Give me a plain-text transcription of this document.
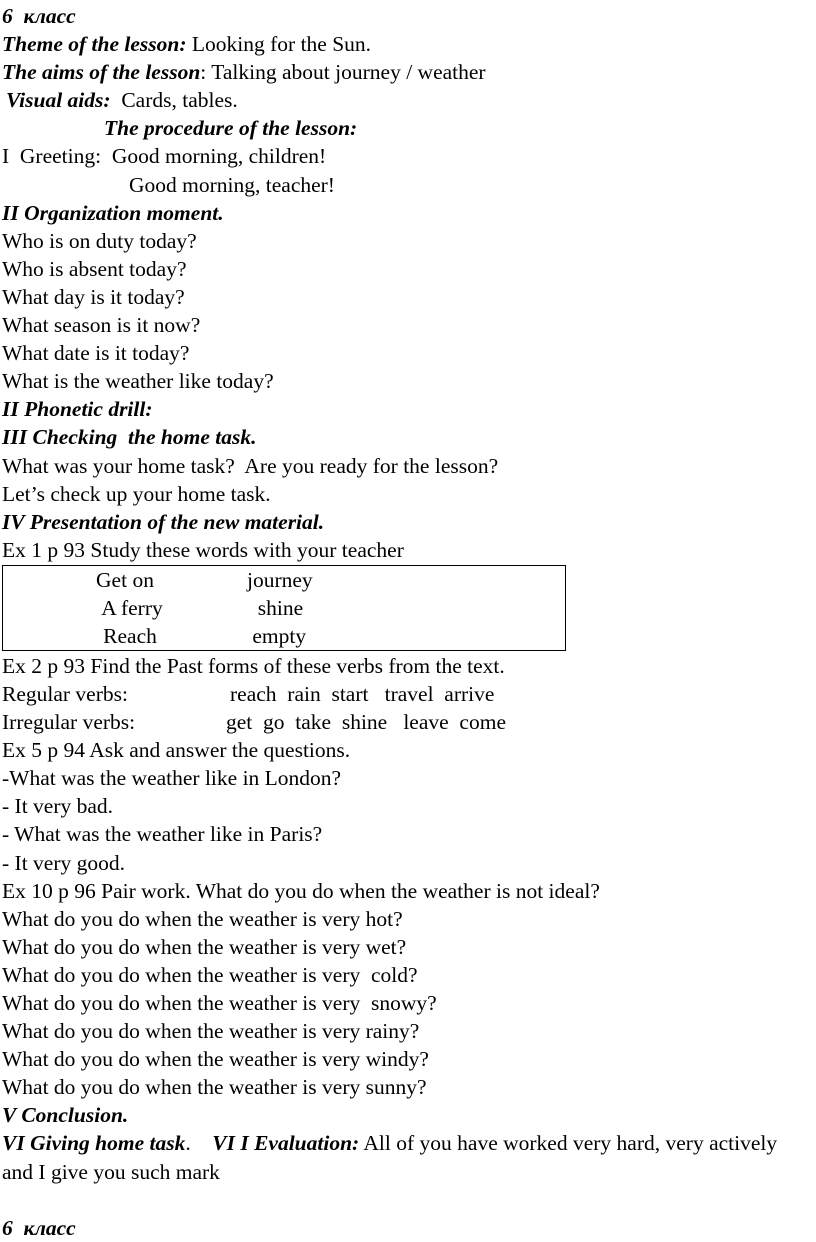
6  класс
Theme of the lesson: Looking for the Sun.
The aims of the lesson: Talking about journey / weather
Visual aids:  Cards, tables.
The procedure of the lesson:
I  Greeting:  Good morning, children!
Good morning, teacher!
II Organization moment.
Who is on duty today?
Who is absent today?
What day is it today?
What season is it now?
What date is it today?
What is the weather like today?
II Phonetic drill:
III Checking  the home task.
What was your home task?  Are you ready for the lesson?
Let’s check up your home task.
IV Presentation of the new material.
Ex 1 p 93 Study these words with your teacher
Get on	journey
A ferry	shine
Reach	empty
Ex 2 p 93 Find the Past forms of these verbs from the text.
Regular verbs:	reach  rain  start   travel  arrive
Irregular verbs:	get  go  take  shine   leave  come
Ex 5 p 94 Ask and answer the questions.
-What was the weather like in London?
- It very bad.
- What was the weather like in Paris?
- It very good.
Ex 10 p 96 Pair work. What do you do when the weather is not ideal?
What do you do when the weather is very hot?
What do you do when the weather is very wet?
What do you do when the weather is very  cold?
What do you do when the weather is very  snowy?
What do you do when the weather is very rainy?
What do you do when the weather is very windy?
What do you do when the weather is very sunny?
V Conclusion.
VI Giving home task.    VI I Evaluation: All of you have worked very hard, very actively and I give you such mark
6  класс
